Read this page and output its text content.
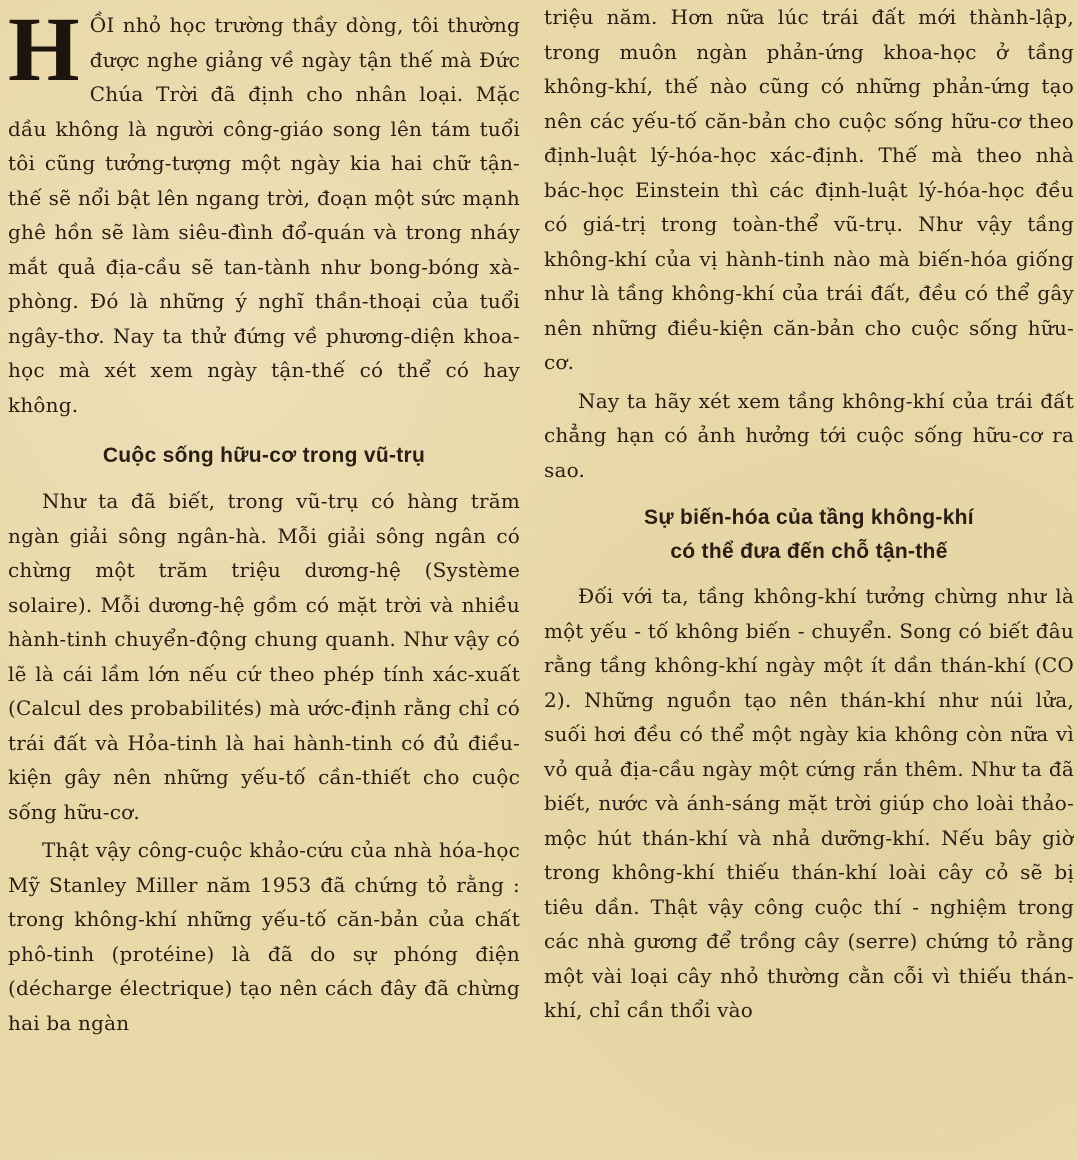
H ỒI nhỏ học trường thầy dòng, tôi thường được nghe giảng về ngày tận thế mà Đức Chúa Trời đã định cho nhân loại. Mặc dầu không là người công-giáo song lên tám tuổi tôi cũng tưởng-tượng một ngày kia hai chữ tận-thế sẽ nổi bật lên ngang trời, đoạn một sức mạnh ghê hồn sẽ làm siêu-đình đổ-quán và trong nháy mắt quả địa-cầu sẽ tan-tành như bong-bóng xà-phòng. Đó là những ý nghĩ thần-thoại của tuổi ngây-thơ. Nay ta thử đứng về phương-diện khoa-học mà xét xem ngày tận-thế có thể có hay không.

Cuộc sống hữu-cơ trong vũ-trụ

Như ta đã biết, trong vũ-trụ có hàng trăm ngàn giải sông ngân-hà. Mỗi giải sông ngân có chừng một trăm triệu dương-hệ (Système solaire). Mỗi dương-hệ gồm có mặt trời và nhiều hành-tinh chuyển-động chung quanh. Như vậy có lẽ là cái lầm lớn nếu cứ theo phép tính xác-xuất (Calcul des probabilités) mà ước-định rằng chỉ có trái đất và Hỏa-tinh là hai hành-tinh có đủ điều-kiện gây nên những yếu-tố cần-thiết cho cuộc sống hữu-cơ.

Thật vậy công-cuộc khảo-cứu của nhà hóa-học Mỹ Stanley Miller năm 1953 đã chứng tỏ rằng : trong không-khí những yếu-tố căn-bản của chất phô-tinh (protéine) là đã do sự phóng điện (décharge électrique) tạo nên cách đây đã chừng hai ba ngàn

triệu năm. Hơn nữa lúc trái đất mới thành-lập, trong muôn ngàn phản-ứng khoa-học ở tầng không-khí, thế nào cũng có những phản-ứng tạo nên các yếu-tố căn-bản cho cuộc sống hữu-cơ theo định-luật lý-hóa-học xác-định. Thế mà theo nhà bác-học Einstein thì các định-luật lý-hóa-học đều có giá-trị trong toàn-thể vũ-trụ. Như vậy tầng không-khí của vị hành-tinh nào mà biến-hóa giống như là tầng không-khí của trái đất, đều có thể gây nên những điều-kiện căn-bản cho cuộc sống hữu-cơ.

Nay ta hãy xét xem tầng không-khí của trái đất chẳng hạn có ảnh hưởng tới cuộc sống hữu-cơ ra sao.

Sự biến-hóa của tầng không-khí
có thể đưa đến chỗ tận-thế

Đối với ta, tầng không-khí tưởng chừng như là một yếu - tố không biến - chuyển. Song có biết đâu rằng tầng không-khí ngày một ít dần thán-khí (CO 2). Những nguồn tạo nên thán-khí như núi lửa, suối hơi đều có thể một ngày kia không còn nữa vì vỏ quả địa-cầu ngày một cứng rắn thêm. Như ta đã biết, nước và ánh-sáng mặt trời giúp cho loài thảo-mộc hút thán-khí và nhả dưỡng-khí. Nếu bây giờ trong không-khí thiếu thán-khí loài cây cỏ sẽ bị tiêu dần. Thật vậy công cuộc thí - nghiệm trong các nhà gương để trồng cây (serre) chứng tỏ rằng một vài loại cây nhỏ thường cằn cỗi vì thiếu thán-khí, chỉ cần thổi vào
